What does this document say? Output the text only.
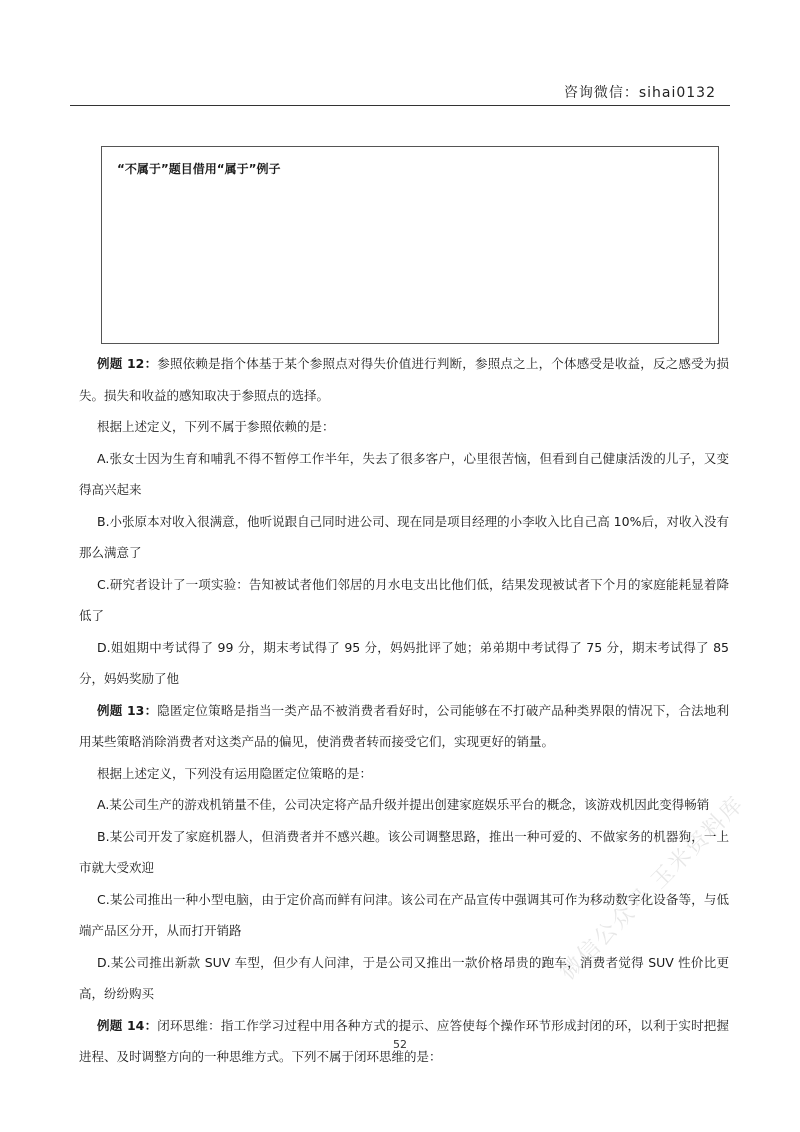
咨询微信：sihai0132
“不属于”题目借用“属于”例子

例题 12：参照依赖是指个体基于某个参照点对得失价值进行判断，参照点之上，个体感受是收益，反之感受为损失。损失和收益的感知取决于参照点的选择。

根据上述定义，下列不属于参照依赖的是：

A.张女士因为生育和哺乳不得不暂停工作半年，失去了很多客户，心里很苦恼，但看到自己健康活泼的儿子，又变得高兴起来

B.小张原本对收入很满意，他听说跟自己同时进公司、现在同是项目经理的小李收入比自己高 10%后，对收入没有那么满意了

C.研究者设计了一项实验：告知被试者他们邻居的月水电支出比他们低，结果发现被试者下个月的家庭能耗显着降低了

D.姐姐期中考试得了 99 分，期末考试得了 95 分，妈妈批评了她；弟弟期中考试得了 75 分，期末考试得了 85 分，妈妈奖励了他

例题 13：隐匿定位策略是指当一类产品不被消费者看好时，公司能够在不打破产品种类界限的情况下，合法地利用某些策略消除消费者对这类产品的偏见，使消费者转而接受它们，实现更好的销量。

根据上述定义，下列没有运用隐匿定位策略的是：

A.某公司生产的游戏机销量不佳，公司决定将产品升级并提出创建家庭娱乐平台的概念，该游戏机因此变得畅销

B.某公司开发了家庭机器人，但消费者并不感兴趣。该公司调整思路，推出一种可爱的、不做家务的机器狗，一上市就大受欢迎

C.某公司推出一种小型电脑，由于定价高而鲜有问津。该公司在产品宣传中强调其可作为移动数字化设备等，与低端产品区分开，从而打开销路

D.某公司推出新款 SUV 车型，但少有人问津，于是公司又推出一款价格昂贵的跑车，消费者觉得 SUV 性价比更高，纷纷购买

例题 14：闭环思维：指工作学习过程中用各种方式的提示、应答使每个操作环节形成封闭的环，以利于实时把握进程、及时调整方向的一种思维方式。下列不属于闭环思维的是：

52
微信公众号 玉米资料库
